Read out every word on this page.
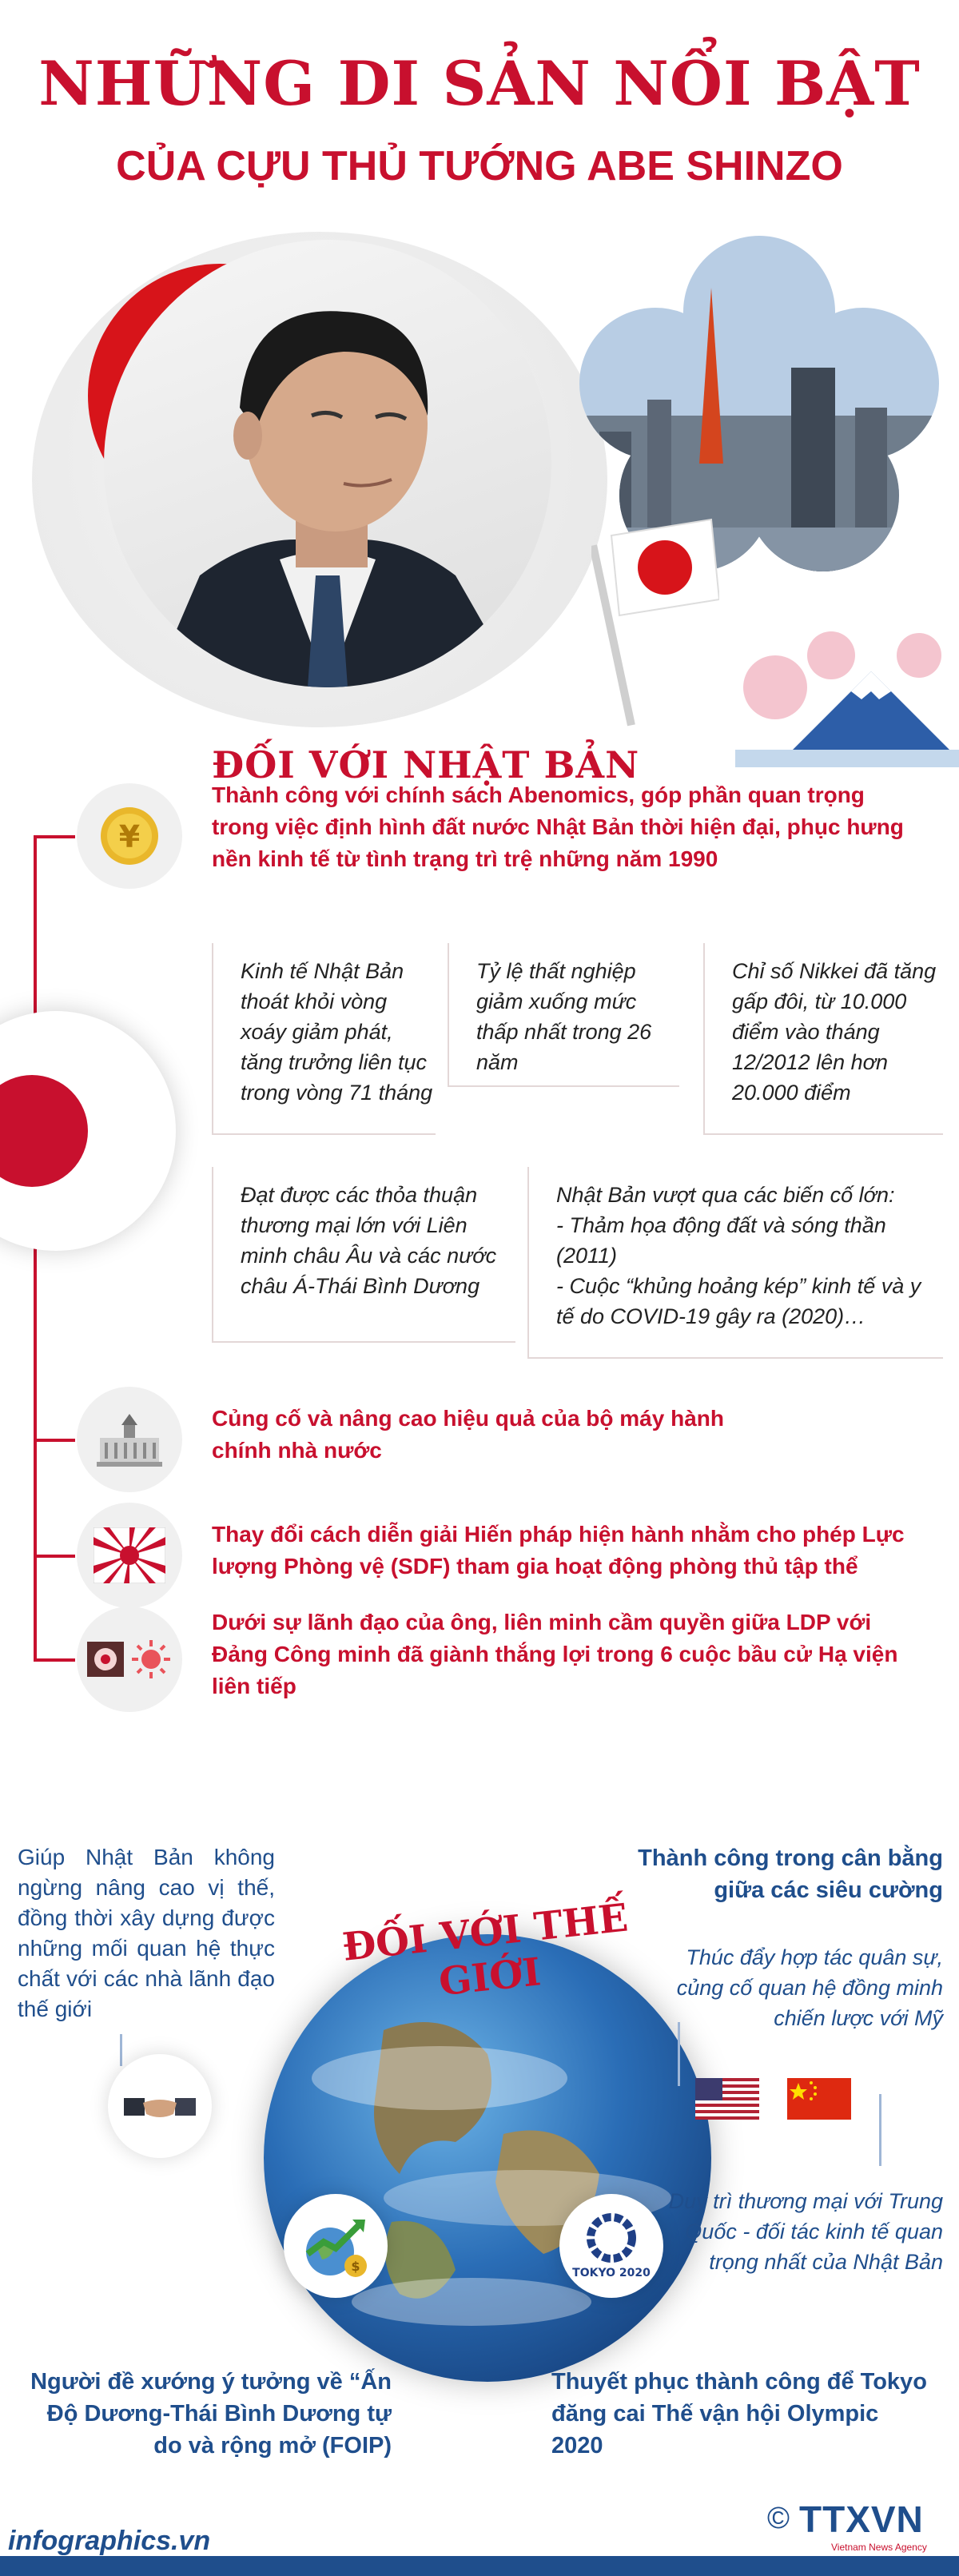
NHỮNG DI SẢN NỔI BẬT
CỦA CỰU THỦ TƯỚNG ABE SHINZO
ĐỐI VỚI NHẬT BẢN
¥
Thành công với chính sách Abenomics, góp phần quan trọng trong việc định hình đất nước Nhật Bản thời hiện đại, phục hưng nền kinh tế từ tình trạng trì trệ những năm 1990
Kinh tế Nhật Bản thoát khỏi vòng xoáy giảm phát, tăng trưởng liên tục trong vòng 71 tháng
Tỷ lệ thất nghiệp giảm xuống mức thấp nhất trong 26 năm
Chỉ số Nikkei đã tăng gấp đôi, từ 10.000 điểm vào tháng 12/2012 lên hơn 20.000 điểm
Đạt được các thỏa thuận thương mại lớn với Liên minh châu Âu và các nước châu Á-Thái Bình Dương
Nhật Bản vượt qua các biến cố lớn:
- Thảm họa động đất và sóng thần (2011)
- Cuộc “khủng hoảng kép” kinh tế và y tế do COVID-19 gây ra (2020)…
Củng cố và nâng cao hiệu quả của bộ máy hành chính nhà nước
Thay đổi cách diễn giải Hiến pháp hiện hành nhằm cho phép Lực lượng Phòng vệ (SDF) tham gia hoạt động phòng thủ tập thể
Dưới sự lãnh đạo của ông, liên minh cầm quyền giữa LDP với Đảng Công minh đã giành thắng lợi trong 6 cuộc bầu cử Hạ viện liên tiếp
ĐỐI VỚI THẾ GIỚI
Giúp Nhật Bản không ngừng nâng cao vị thế, đồng thời xây dựng được những mối quan hệ thực chất với các nhà lãnh đạo thế giới
Thành công trong cân bằng giữa các siêu cường
Thúc đẩy hợp tác quân sự, củng cố quan hệ đồng minh chiến lược với Mỹ
Duy trì thương mại với Trung Quốc - đối tác kinh tế quan trọng nhất của Nhật Bản
$
Người đề xướng ý tưởng về “Ấn Độ Dương-Thái Bình Dương tự do và rộng mở (FOIP)
TOKYO 2020
Thuyết phục thành công để Tokyo đăng cai Thế vận hội Olympic 2020
infographics.vn
© TTXVN
Vietnam News Agency
